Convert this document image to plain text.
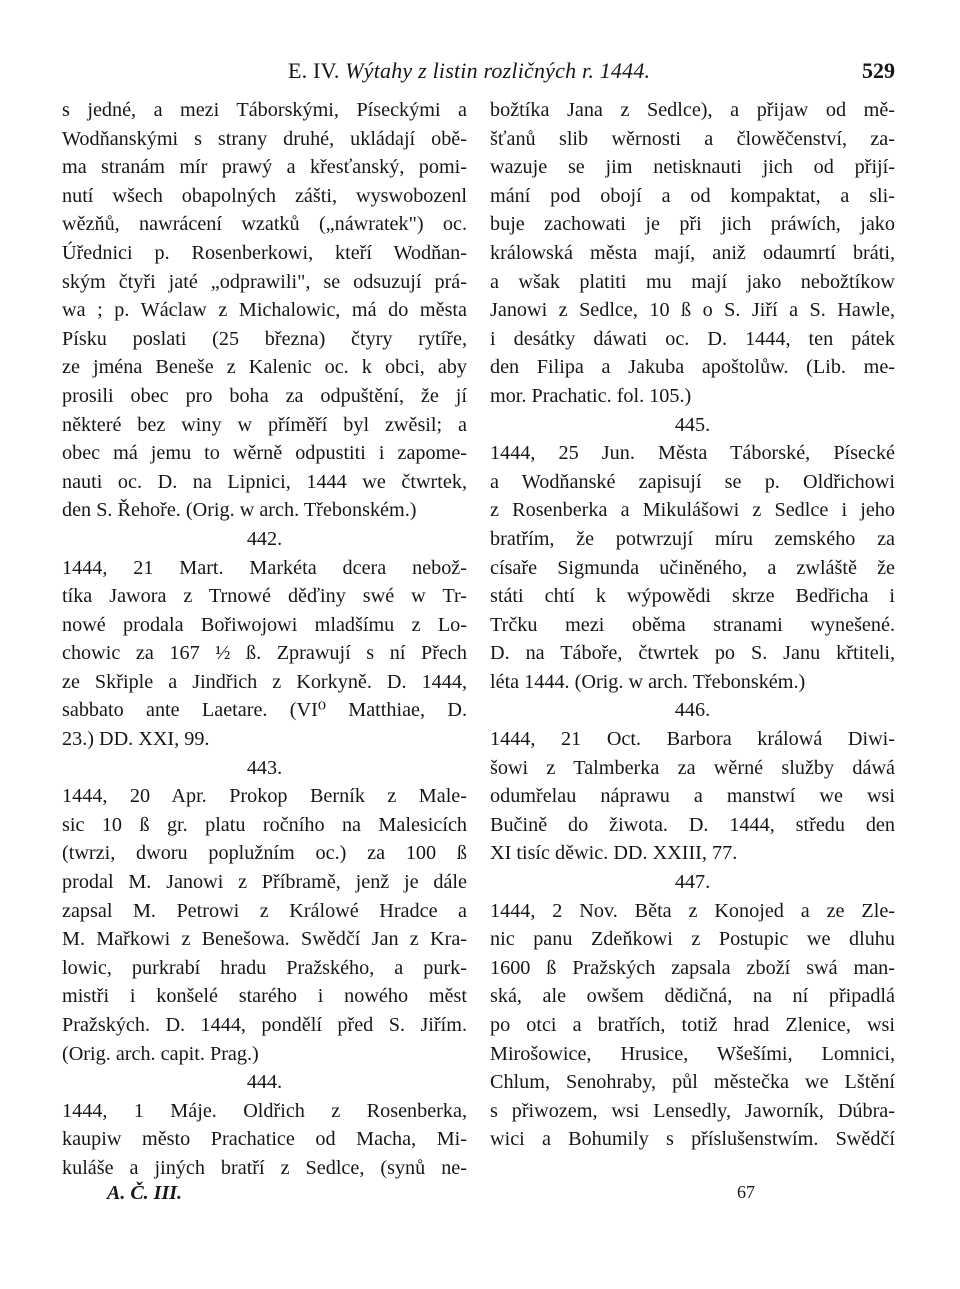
E. IV. Wýtahy z listin rozličných r. 1444.	529

s jedné, a mezi Táborskými, Píseckými a

Wodňanskými s strany druhé, ukládají obě-

ma stranám mír prawý a křesťanský, pomi-

nutí wšech obapolných zášti, wyswobozenl

wězňů, nawrácení wzatků („náwratek") oc.

Úřednici p. Rosenberkowi, kteří Wodňan-

ským čtyři jaté „odprawili", se odsuzují prá-

wa ; p. Wáclaw z Michalowic, má do města

Písku poslati (25 března) čtyry rytíře,

ze jména Beneše z Kalenic oc. k obci, aby

prosili obec pro boha za odpuštění, že jí

některé bez winy w příměří byl zwěsil; a

obec má jemu to wěrně odpustiti i zapome-

nauti oc. D. na Lipnici, 1444 we čtwrtek,

den S. Řehoře. (Orig. w arch. Třebonském.)

442.

1444, 21 Mart. Markéta dcera nebož-

tíka Jawora z Trnowé děďiny swé w Tr-

nowé prodala Bořiwojowi mladšímu z Lo-

chowic za 167 ½ ß. Zprawují s ní Přech

ze Skřiple a Jindřich z Korkyně. D. 1444,

sabbato ante Laetare. (VI⁰ Matthiae, D.

23.) DD. XXI, 99.

443.

1444, 20 Apr. Prokop Berník z Male-

sic 10 ß gr. platu ročního na Malesicích

(twrzi, dworu poplužním oc.) za 100 ß

prodal M. Janowi z Příbramě, jenž je dále

zapsal M. Petrowi z Králowé Hradce a

M. Mařkowi z Benešowa. Swědčí Jan z Kra-

lowic, purkrabí hradu Pražského, a purk-

mistři i konšelé starého i nowého měst

Pražských. D. 1444, pondělí před S. Jiřím.

(Orig. arch. capit. Prag.)

444.

1444, 1 Máje. Oldřich z Rosenberka,

kaupiw město Prachatice od Macha, Mi-

kuláše a jiných bratří z Sedlce, (synů ne-

božtíka Jana z Sedlce), a přijaw od mě-

šťanů slib wěrnosti a člowěčenství, za-

wazuje se jim netisknauti jich od přijí-

mání pod obojí a od kompaktat, a sli-

buje zachowati je při jich práwích, jako

králowská města mají, aniž odaumrtí bráti,

a wšak platiti mu mají jako nebožtíkow

Janowi z Sedlce, 10 ß o S. Jiří a S. Hawle,

i desátky dáwati oc. D. 1444, ten pátek

den Filipa a Jakuba apoštolůw. (Lib. me-

mor. Prachatic. fol. 105.)

445.

1444, 25 Jun. Města Táborské, Písecké

a Wodňanské zapisují se p. Oldřichowi

z Rosenberka a Mikulášowi z Sedlce i jeho

bratřím, že potwrzují míru zemského za

císaře Sigmunda učiněného, a zwláště že

státi chtí k wýpowědi skrze Bedřicha i

Trčku mezi oběma stranami wynešené.

D. na Táboře, čtwrtek po S. Janu křtiteli,

léta 1444. (Orig. w arch. Třebonském.)

446.

1444, 21 Oct. Barbora králowá Diwi-

šowi z Talmberka za wěrné služby dáwá

odumřelau náprawu a manstwí we wsi

Bučině do žiwota. D. 1444, středu den

XI tisíc děwic. DD. XXIII, 77.

447.

1444, 2 Nov. Běta z Konojed a ze Zle-

nic panu Zdeňkowi z Postupic we dluhu

1600 ß Pražských zapsala zboží swá man-

ská, ale owšem dědičná, na ní připadlá

po otci a bratřích, totiž hrad Zlenice, wsi

Mirošowice, Hrusice, Wšešími, Lomnici,

Chlum, Senohraby, půl městečka we Lštění

s přiwozem, wsi Lensedly, Jaworník, Dúbra-

wici a Bohumily s příslušenstwím. Swědčí

A. Č. III.	67
